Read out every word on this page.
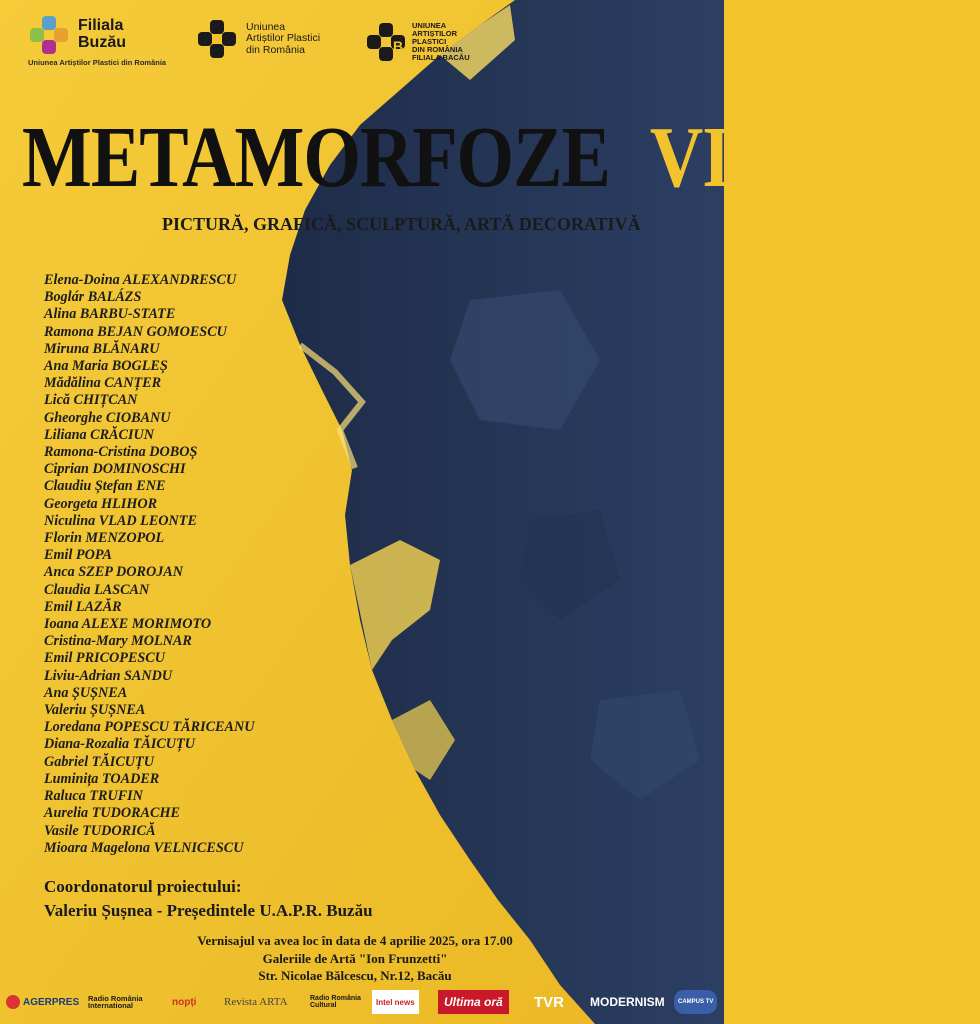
Filiala
Buzău
Uniunea Artiștilor Plastici din România
Uniunea
Artiștilor Plastici
din România	B
UNIUNEA
ARTIȘTILOR
PLASTICI
DIN ROMÂNIA
FILIALA BACĂU
METAMORFOZE VIZUALE
PICTURĂ, GRAFICĂ, SCULPTURĂ, ARTĂ DECORATIVĂ
Elena-Doina ALEXANDRESCU
Boglár BALÁZS
Alina BARBU-STATE
Ramona BEJAN GOMOESCU
Miruna BLĂNARU
Ana Maria BOGLEȘ
Mădălina CANȚER
Lică CHIȚCAN
Gheorghe CIOBANU
Liliana CRĂCIUN
Ramona-Cristina DOBOȘ
Ciprian DOMINOSCHI
Claudiu Ștefan ENE
Georgeta HLIHOR
Niculina VLAD LEONTE
Florin MENZOPOL
Emil POPA
Anca SZEP DOROJAN
Claudia LASCAN
Emil LAZĂR
Ioana ALEXE MORIMOTO
Cristina-Mary MOLNAR
Emil PRICOPESCU
Liviu-Adrian SANDU
Ana ȘUȘNEA
Valeriu ȘUȘNEA
Loredana POPESCU TĂRICEANU
Diana-Rozalia TĂICUȚU
Gabriel TĂICUȚU
Luminița TOADER
Raluca TRUFIN
Aurelia TUDORACHE
Vasile TUDORICĂ
Mioara Magelona VELNICESCU
Coordonatorul proiectului:
Valeriu Șușnea - Președintele U.A.P.R. Buzău
Vernisajul va avea loc în data de 4 aprilie 2025, ora 17.00
Galeriile de Artă "Ion Frunzetti"
Str. Nicolae Bălcescu, Nr.12, Bacău
AGERPRES Radio România International	nopți	Revista ARTA	Radio România Cultural	Intel news Ultima oră TVR MODERNISM CAMPUS TV
